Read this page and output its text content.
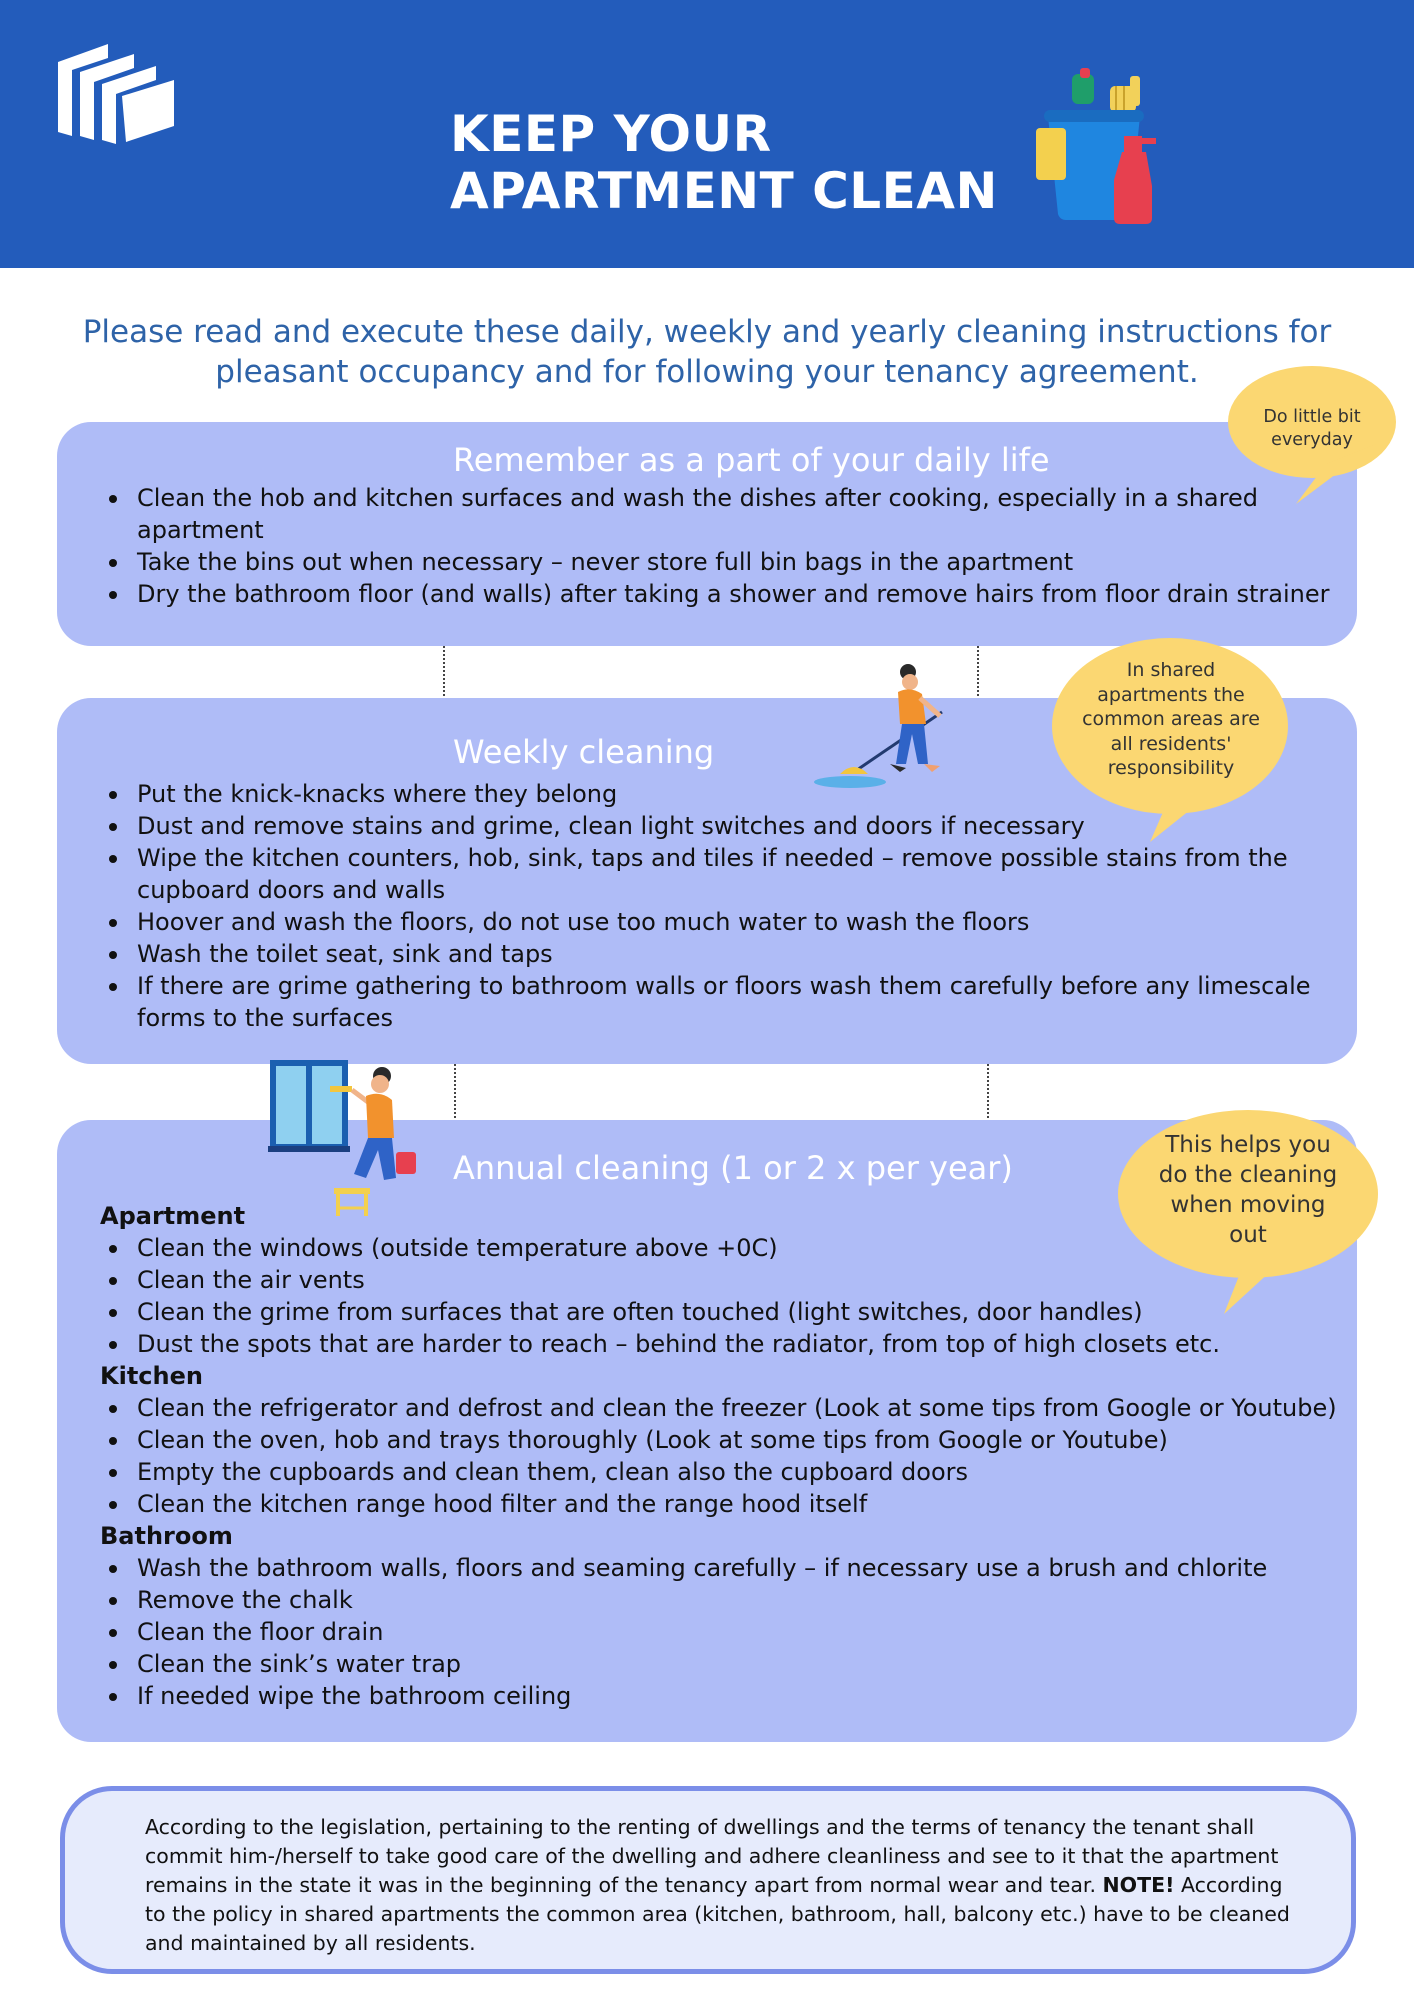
KEEP YOUR
APARTMENT CLEAN

Please read and execute these daily, weekly and yearly cleaning instructions for pleasant occupancy and for following your tenancy agreement.

Remember as a part of your daily life
Clean the hob and kitchen surfaces and wash the dishes after cooking, especially in a shared apartment
Take the bins out when necessary – never store full bin bags in the apartment
Dry the bathroom floor (and walls) after taking a shower and remove hairs from floor drain strainer
Do little bit everyday
Weekly cleaning
Put the knick-knacks where they belong
Dust and remove stains and grime, clean light switches and doors if necessary
Wipe the kitchen counters, hob, sink, taps and tiles if needed – remove possible stains from the cupboard doors and walls
Hoover and wash the floors, do not use too much water to wash the floors
Wash the toilet seat, sink and taps
If there are grime gathering to bathroom walls or floors wash them carefully before any limescale forms to the surfaces
In shared apartments the common areas are all residents' responsibility
Annual cleaning (1 or 2 x per year)
Apartment
Clean the windows (outside temperature above +0C)
Clean the air vents
Clean the grime from surfaces that are often touched (light switches, door handles)
Dust the spots that are harder to reach – behind the radiator, from top of high closets etc.
Kitchen
Clean the refrigerator and defrost and clean the freezer (Look at some tips from Google or Youtube)
Clean the oven, hob and trays thoroughly (Look at some tips from Google or Youtube)
Empty the cupboards and clean them, clean also the cupboard doors
Clean the kitchen range hood filter and the range hood itself
Bathroom
Wash the bathroom walls, floors and seaming carefully – if necessary use a brush and chlorite
Remove the chalk
Clean the floor drain
Clean the sink’s water trap
If needed wipe the bathroom ceiling
This helps you do the cleaning when moving out

According to the legislation, pertaining to the renting of dwellings and the terms of tenancy the tenant shall commit him-/herself to take good care of the dwelling and adhere cleanliness and see to it that the apartment remains in the state it was in the beginning of the tenancy apart from normal wear and tear. NOTE! According to the policy in shared apartments the common area (kitchen, bathroom, hall, balcony etc.) have to be cleaned and maintained by all residents.
